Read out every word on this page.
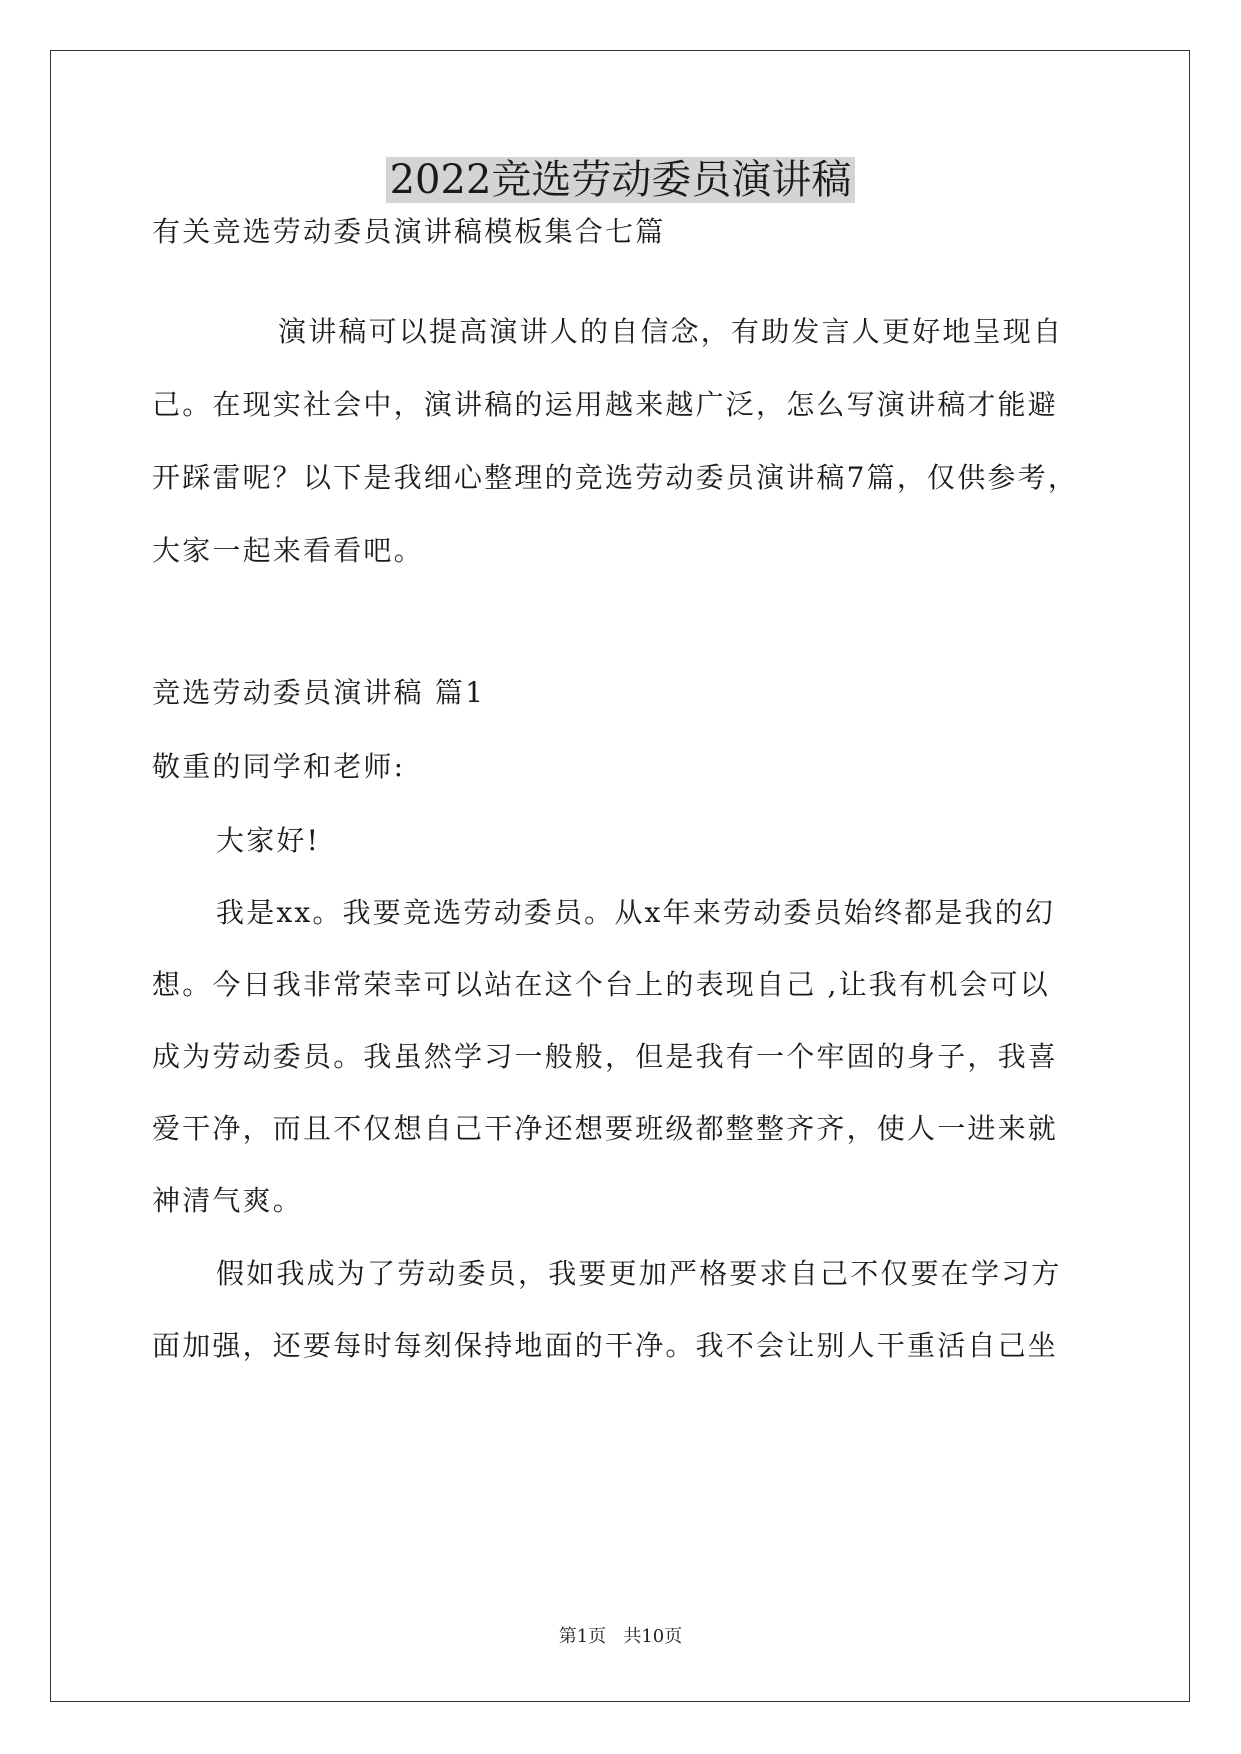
2022竞选劳动委员演讲稿
有关竞选劳动委员演讲稿模板集合七篇
演讲稿可以提高演讲人的自信念，有助发言人更好地呈现自
己。在现实社会中，演讲稿的运用越来越广泛，怎么写演讲稿才能避
开踩雷呢？以下是我细心整理的竞选劳动委员演讲稿7篇，仅供参考，
大家一起来看看吧。
竞选劳动委员演讲稿 篇1
敬重的同学和老师:
大家好!
我是xx。我要竞选劳动委员。从x年来劳动委员始终都是我的幻
想。今日我非常荣幸可以站在这个台上的表现自己 ,让我有机会可以
成为劳动委员。我虽然学习一般般，但是我有一个牢固的身子，我喜
爱干净，而且不仅想自己干净还想要班级都整整齐齐，使人一进来就
神清气爽。
假如我成为了劳动委员，我要更加严格要求自己不仅要在学习方
面加强，还要每时每刻保持地面的干净。我不会让别人干重活自己坐
第1页   共10页
